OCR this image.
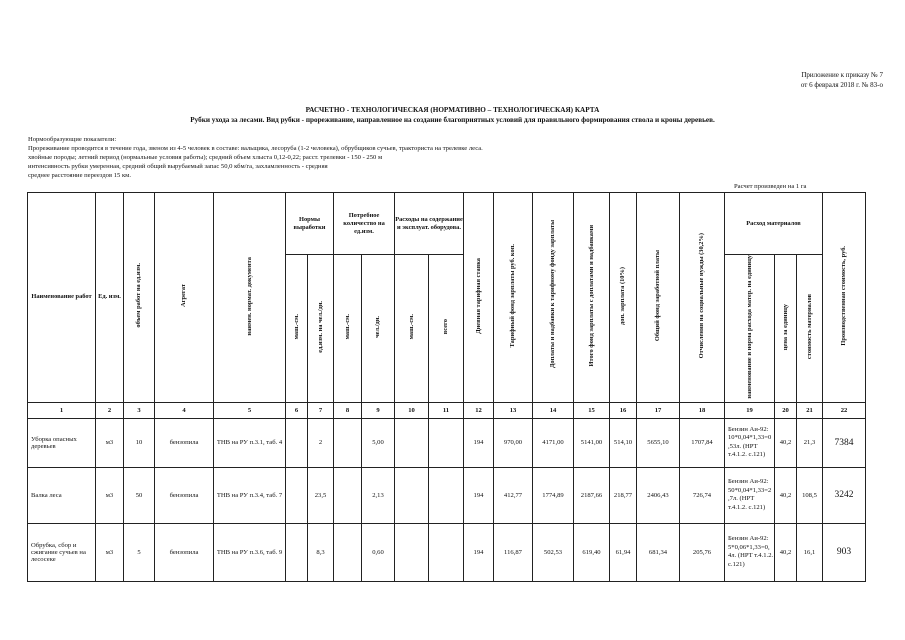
Приложение к приказу № 7
от 6 февраля 2018 г. № 83-о
РАСЧЕТНО - ТЕХНОЛОГИЧЕСКАЯ (НОРМАТИВНО – ТЕХНОЛОГИЧЕСКАЯ) КАРТА
Рубки ухода за лесами. Вид рубки - прореживание, направленное на создание благоприятных условий для правильного формирования ствола и кроны деревьев.
Нормообразующие показатели:
Прореживание проводится в течение года, звеном из 4-5 человек в составе: вальщика, лесоруба (1-2 человека), обрубщиков сучьев, тракториста на трелевке леса.
хвойные породы; летний период (нормальные условия работы); средний объем хлыста 0,12-0,22; расст. трелевки - 150 - 250 м
интенсивность рубки умеренная, средний общий вырубаемый запас 50,0 кбм/га, захламленность - средняя
среднее расстояние переездов 15 км.
Расчет произведен на 1 га
Наименование работ	Ед. изм.	объем работ на ед.изм.	Агрегат	наимен. нормат. документа	Нормы выработки		Потребное количество на ед.изм.		Расходы на содержание и эксплуат. оборудова.		Дневная тарифная ставка	Тарифный фонд зарплаты руб. коп.	Доплаты и надбавки к тарифному фонду зарплаты	Итого фонд зарплаты с доплатами и надбавками	доп. зарплата (10%)	Общий фонд заработной платы	Отчисления на социальные нужды (30,2%)	Расход материалов			Производственная стоимость, руб.
					маш.-см.	ед.изм. на чел./дн.	маш.-см.	чел./дн.	маш.-см.	всего								наименование и норма расхода матер. на единицу	цена за единицу	стоимость материалов	
1	2	3	4	5	6	7	8	9	10	11	12	13	14	15	16	17	18	19	20	21	22
Уборка опасных деревьев	м3	10	бензопила	ТНВ на РУ п.3.1, таб. 4		2		5,00			194	970,00	4171,00	5141,00	514,10	5655,10	1707,84	Бензин Аи-92: 10*0,04*1,33=0 ,53л. (НРТ т.4.1.2. с.121)	40,2	21,3	7384
Валка леса	м3	50	бензопила	ТНВ на РУ п.3.4, таб. 7		23,5		2,13			194	412,77	1774,89	2187,66	218,77	2406,43	726,74	Бензин Аи-92: 50*0,04*1,33=2 ,7л. (НРТ т.4.1.2. с.121)	40,2	108,5	3242
Обрубка, сбор и сжигание сучьев на лесосеке	м3	5	бензопила	ТНВ на РУ п.3.6, таб. 9		8,3		0,60			194	116,87	502,53	619,40	61,94	681,34	205,76	Бензин Аи-92: 5*0,06*1,33=0, 4л. (НРТ т.4.1.2. с.121)	40,2	16,1	903
